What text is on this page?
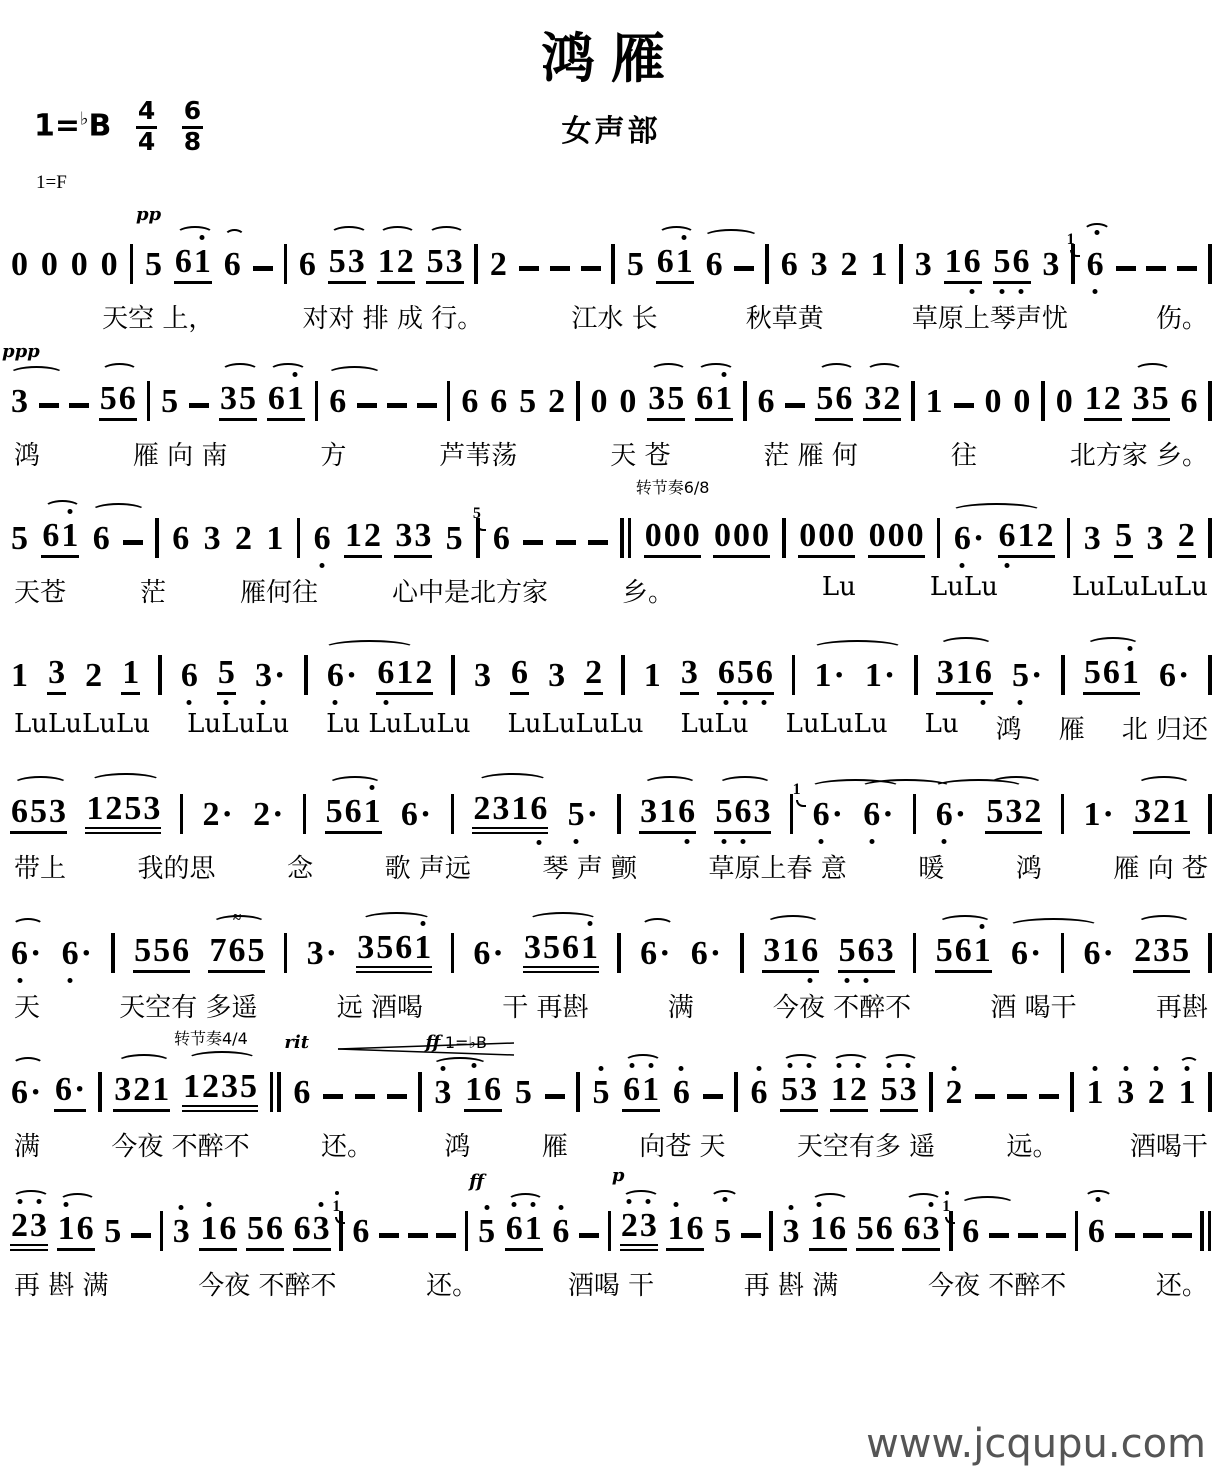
鸿雁
女声部
$1=^♭B \frac{4}{4}$
$\frac{6}{8}$
1=F
0 0 0 0 5
pp
6 1 6 6 5 3 1 2 5 3 2	5 6 1 6 6 3 2 1 3 1 6 5 6 3 6
1
天空 上，	对对 排 成 行。	江水 长	秋草黄	草原上琴声忧	伤。
3
ppp
5 6 5 3 5 6 1 6	6 6 5 2 0 0 3 5 6 1 6 5 6 3 2 1 0 0 0 1 2 3 5 6
鸿	雁 向 南	方	芦苇荡	天 苍	茫 雁 何	往	北方家 乡。
5 6 1 6 6 3 2 1 6 1 2 3 3 5 6
5
0 0 0
转节奏6/8
0 0 0 0 0 0 0 0 0 6 · 6 1 2 3 5 3 2
天苍	茫	雁何往	心中是北方家	乡。	Lu	LuLu	LuLuLuLu
1 3 2 1 6 5 3 · 6 · 6 1 2 3 6 3 2 1 3 6 5 6 1 · 1 · 3 1 6 5 · 5 6 1 6 ·
LuLuLuLu LuLuLu Lu LuLuLu LuLuLuLu LuLu LuLuLu Lu 鸿 雁 北 归还
6 5 3 1 2 5 3 2 · 2 · 5 6 1 6 · 2 3 1 6 5 · 3 1 6 5 6 3 6 ·
1
6 · 6 · 5 3 2 1 · 3 2 1
带上	我的思	念	歌 声远	琴 声 颤	草原上春 意	暖	鸿	雁 向 苍
6 · 6 · 5 5 6 7 6 5
≈
3 · 3 5 6 1 6 · 3 5 6 1 6 · 6 · 3 1 6 5 6 3 5 6 1 6 · 6 · 2 3 5
天	天空有 多遥	远 酒喝	干 再斟	满	今夜 不醉不	酒 喝干	再斟
6 · 6 · 3 2 1 1 2 3 5
转节奏4/4
6
rit
3
ff 1=♭B
1 6 5 5 6 1 6 6 5 3 1 2 5 3 2	1 3 2 1
满	今夜 不醉不	还。	鸿	雁	向苍 天	天空有多 遥	远。	酒喝干
2 3 1 6 5 3 1 6 5 6 6 3 6
1
5
ff
6 1 6 2 3
p
1 6 5 3 1 6 5 6 6 3 6
1
6
再 斟 满	今夜 不醉不	还。	酒喝 干	再 斟 满	今夜 不醉不	还。
www.jcqupu.com
